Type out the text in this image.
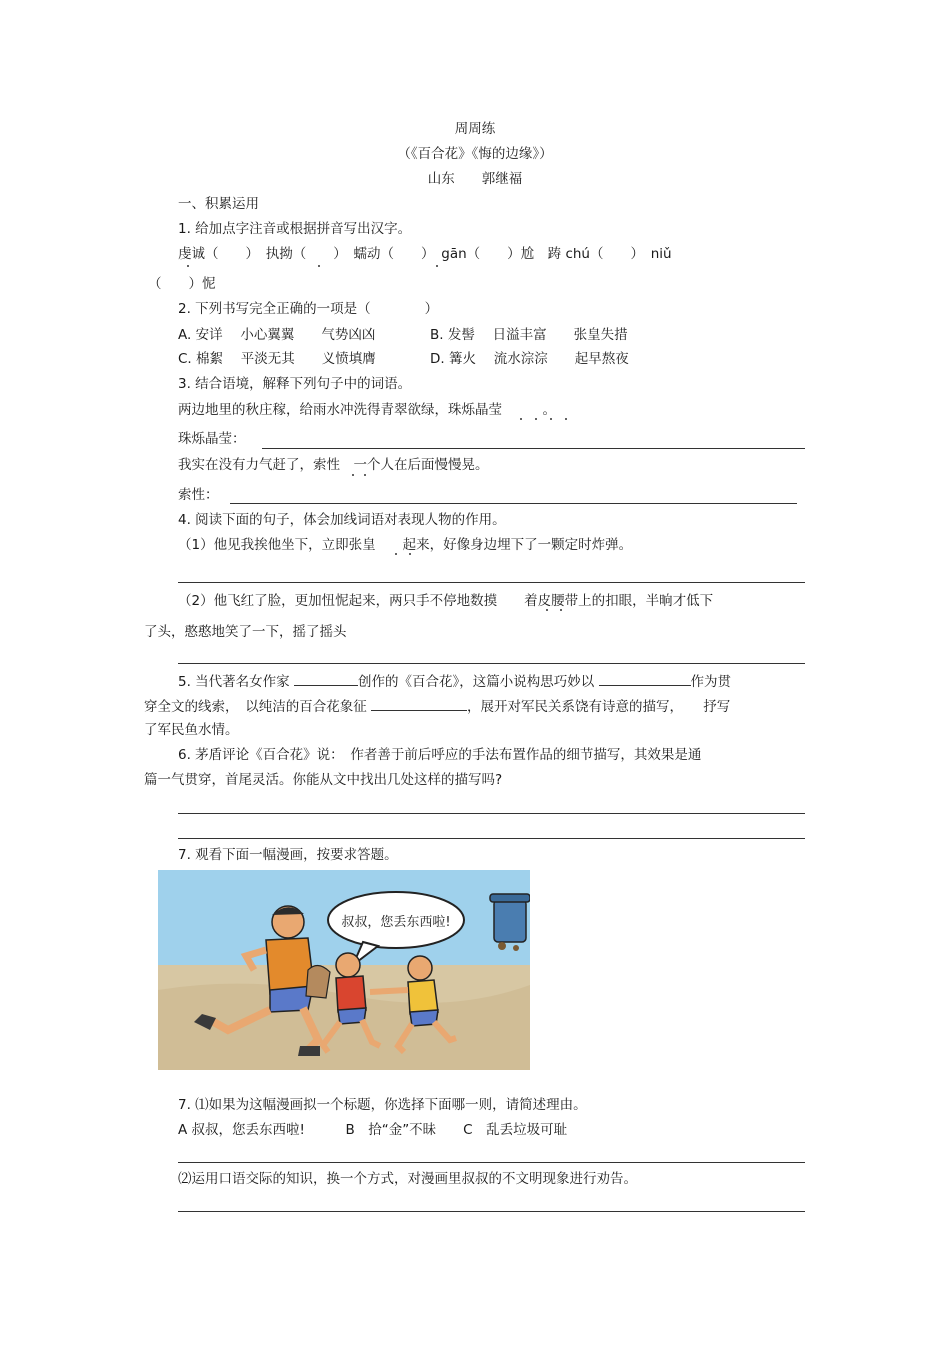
周周练
（《百合花》《悔的边缘》）
山东　　郭继福
一、积累运用
1. 给加点字注音或根据拼音写出汉字。
虔诚（　　）　执拗（　　）　蠕动（　　）　gān（　　）尬　踌 chú（　　）　niǔ
（　　）怩
2. 下列书写完全正确的一项是（　　　　）
A. 安详　 小心翼翼　　气势凶凶	B. 发髻　 日溢丰富　　张皇失措
C. 棉絮　 平淡无其　　义愤填膺	D. 篝火　 流水淙淙　　起早熬夜
3. 结合语境，解释下列句子中的词语。
两边地里的秋庄稼，给雨水冲洗得青翠欲绿，珠烁晶莹　　　。
珠烁晶莹：
我实在没有力气赶了，索性　一个人在后面慢慢晃。
索性：
4. 阅读下面的句子，体会加线词语对表现人物的作用。
（1）他见我挨他坐下，立即张皇　　起来，好像身边埋下了一颗定时炸弹。
（2）他飞红了脸，更加忸怩起来，两只手不停地数摸　　着皮腰带上的扣眼，半晌才低下
了头，憨憨地笑了一下，摇了摇头
5. 当代著名女作家	创作的《百合花》，这篇小说构思巧妙以	作为贯
穿全文的线索，　以纯洁的百合花象征	，展开对军民关系饶有诗意的描写，　　抒写
了军民鱼水情。
6. 茅盾评论《百合花》说：　作者善于前后呼应的手法布置作品的细节描写，其效果是通
篇一气贯穿，首尾灵活。你能从文中找出几处这样的描写吗?
7. 观看下面一幅漫画，按要求答题。
叔叔，您丢东西啦!
7. ⑴如果为这幅漫画拟一个标题，你选择下面哪一则，请简述理由。
A 叔叔，您丢东西啦!　　　B　拾“金”不昧　　C　乱丢垃圾可耻
⑵运用口语交际的知识，换一个方式，对漫画里叔叔的不文明现象进行劝告。
